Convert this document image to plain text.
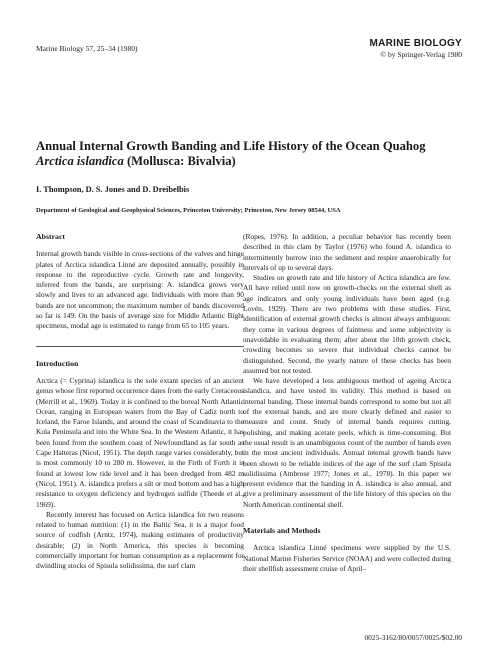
Marine Biology 57, 25–34 (1980)	MARINE BIOLOGY
© by Springer-Verlag 1980
Annual Internal Growth Banding and Life History of the Ocean Quahog
Arctica islandica (Mollusca: Bivalvia)
I. Thompson, D. S. Jones and D. Dreibelbis
Department of Geological and Geophysical Sciences, Princeton University; Princeton, New Jersey 08544, USA
Abstract

Internal growth bands visible in cross-sections of the valves and hinge plates of Arctica islandica Linné are deposited annually, possibly in response to the reproductive cycle. Growth rate and longevity, inferred from the bands, are surprising: A. islandica grows very slowly and lives to an advanced age. Individuals with more than 90 bands are not uncommon; the maximum number of bands discovered so far is 149. On the basis of average size for Middle Atlantic Bight specimens, modal age is estimated to range from 65 to 105 years.

Introduction

Arctica (= Cyprina) islandica is the sole extant species of an ancient genus whose first reported occurrence dates from the early Cretaceous (Merrill et al., 1969). Today it is confined to the boreal North Atlantic Ocean, ranging in European waters from the Bay of Cadiz north to Iceland, the Faroe Islands, and around the coast of Scandinavia to the Kola Peninsula and into the White Sea. In the Western Atlantic, it has been found from the southern coast of Newfoundland as far south as Cape Hatteras (Nicol, 1951). The depth range varies considerably, but is most commonly 10 to 280 m. However, in the Firth of Forth it is found at lowest low tide level and it has been dredged from 482 m (Nicol, 1951). A. islandica prefers a silt or mud bottom and has a high resistance to oxygen deficiency and hydrogen sulfide (Theede et al., 1969).

Recently interest has focused on Actica islandica for two reasons related to human nutrition: (1) in the Baltic Sea, it is a major food source of codfish (Arntz, 1974), making estimates of productivity desirable; (2) in North America, this species is becoming commercially important for human consumption as a replacement for dwindling stocks of Spisula solidissima, the surf clam

(Ropes, 1976). In addition, a peculiar behavior has recently been described in this clam by Taylor (1976) who found A. islandica to intermittently burrow into the sediment and respire anaerobically for intervals of up to several days.

Studies on growth rate and life history of Actica islandica are few. All have relied until now on growth-checks on the external shell as age indicators and only young individuals have been aged (e.g. Lovén, 1929). There are two problems with these studies. First, identification of external growth checks is almost always ambiguous: they come in various degrees of faintness and some subjectivity is unavoidable in evaluating them; after about the 10th growth check, crowding becomes so severe that individual checks cannot be distinguished. Second, the yearly nature of these checks has been assumed but not tested.

We have developed a less ambiguous method of ageing Arctica islandica, and have tested its validity. This method is based on internal banding. These internal bands correspond to some but not all of the external bands, and are more clearly defined and easier to measure and count. Study of internal bands requires cutting, polishing, and making acetate peels, which is time-consuming. But the usual result is an unambiguous count of the number of bands even in the most ancient individuals. Annual internal growth bands have been shown to be reliable indices of the age of the surf clam Spisula solidissima (Ambrose 1977; Jones et al., 1978). In this paper we present evidence that the banding in A. islandica is also annual, and give a preliminary assessment of the life history of this species on the North American continental shelf.

Materials and Methods

Arctica islandica Linné specimens were supplied by the U.S. National Marine Fisheries Service (NOAA) and were collected during their shellfish assessment cruise of April–

0025-3162/80/0057/0025/$02.00
